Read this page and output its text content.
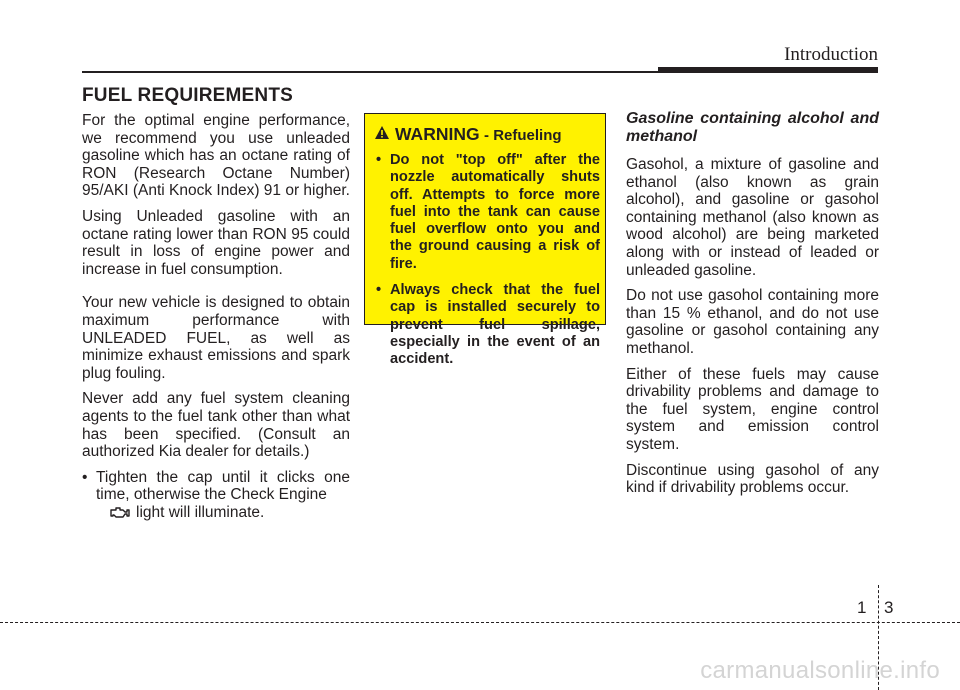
Introduction
FUEL REQUIREMENTS

For the optimal engine performance, we recommend you use unleaded gasoline which has an octane rating of RON (Research Octane Number) 95/AKI (Anti Knock Index) 91 or higher.

Using Unleaded gasoline with an octane rating lower than RON 95 could result in loss of engine power and increase in fuel consumption.

Your new vehicle is designed to obtain maximum performance with UNLEADED FUEL, as well as minimize exhaust emissions and spark plug fouling.

Never add any fuel system cleaning agents to the fuel tank other than what has been specified. (Consult an authorized Kia dealer for details.)

• Tighten the cap until it clicks one time, otherwise the Check Engine
light will illuminate.
WARNING - Refueling
• Do not "top off" after the nozzle automatically shuts off. Attempts to force more fuel into the tank can cause fuel overflow onto you and the ground causing a risk of fire.
• Always check that the fuel cap is installed securely to prevent fuel spillage, especially in the event of an accident.
Gasoline containing alcohol and methanol

Gasohol, a mixture of gasoline and ethanol (also known as grain alcohol), and gasoline or gasohol containing methanol (also known as wood alcohol) are being marketed along with or instead of leaded or unleaded gasoline.

Do not use gasohol containing more than 15 % ethanol, and do not use gasoline or gasohol containing any methanol.

Either of these fuels may cause drivability problems and damage to the fuel system, engine control system and emission control system.

Discontinue using gasohol of any kind if drivability problems occur.

1 3
carmanualsonline.info
